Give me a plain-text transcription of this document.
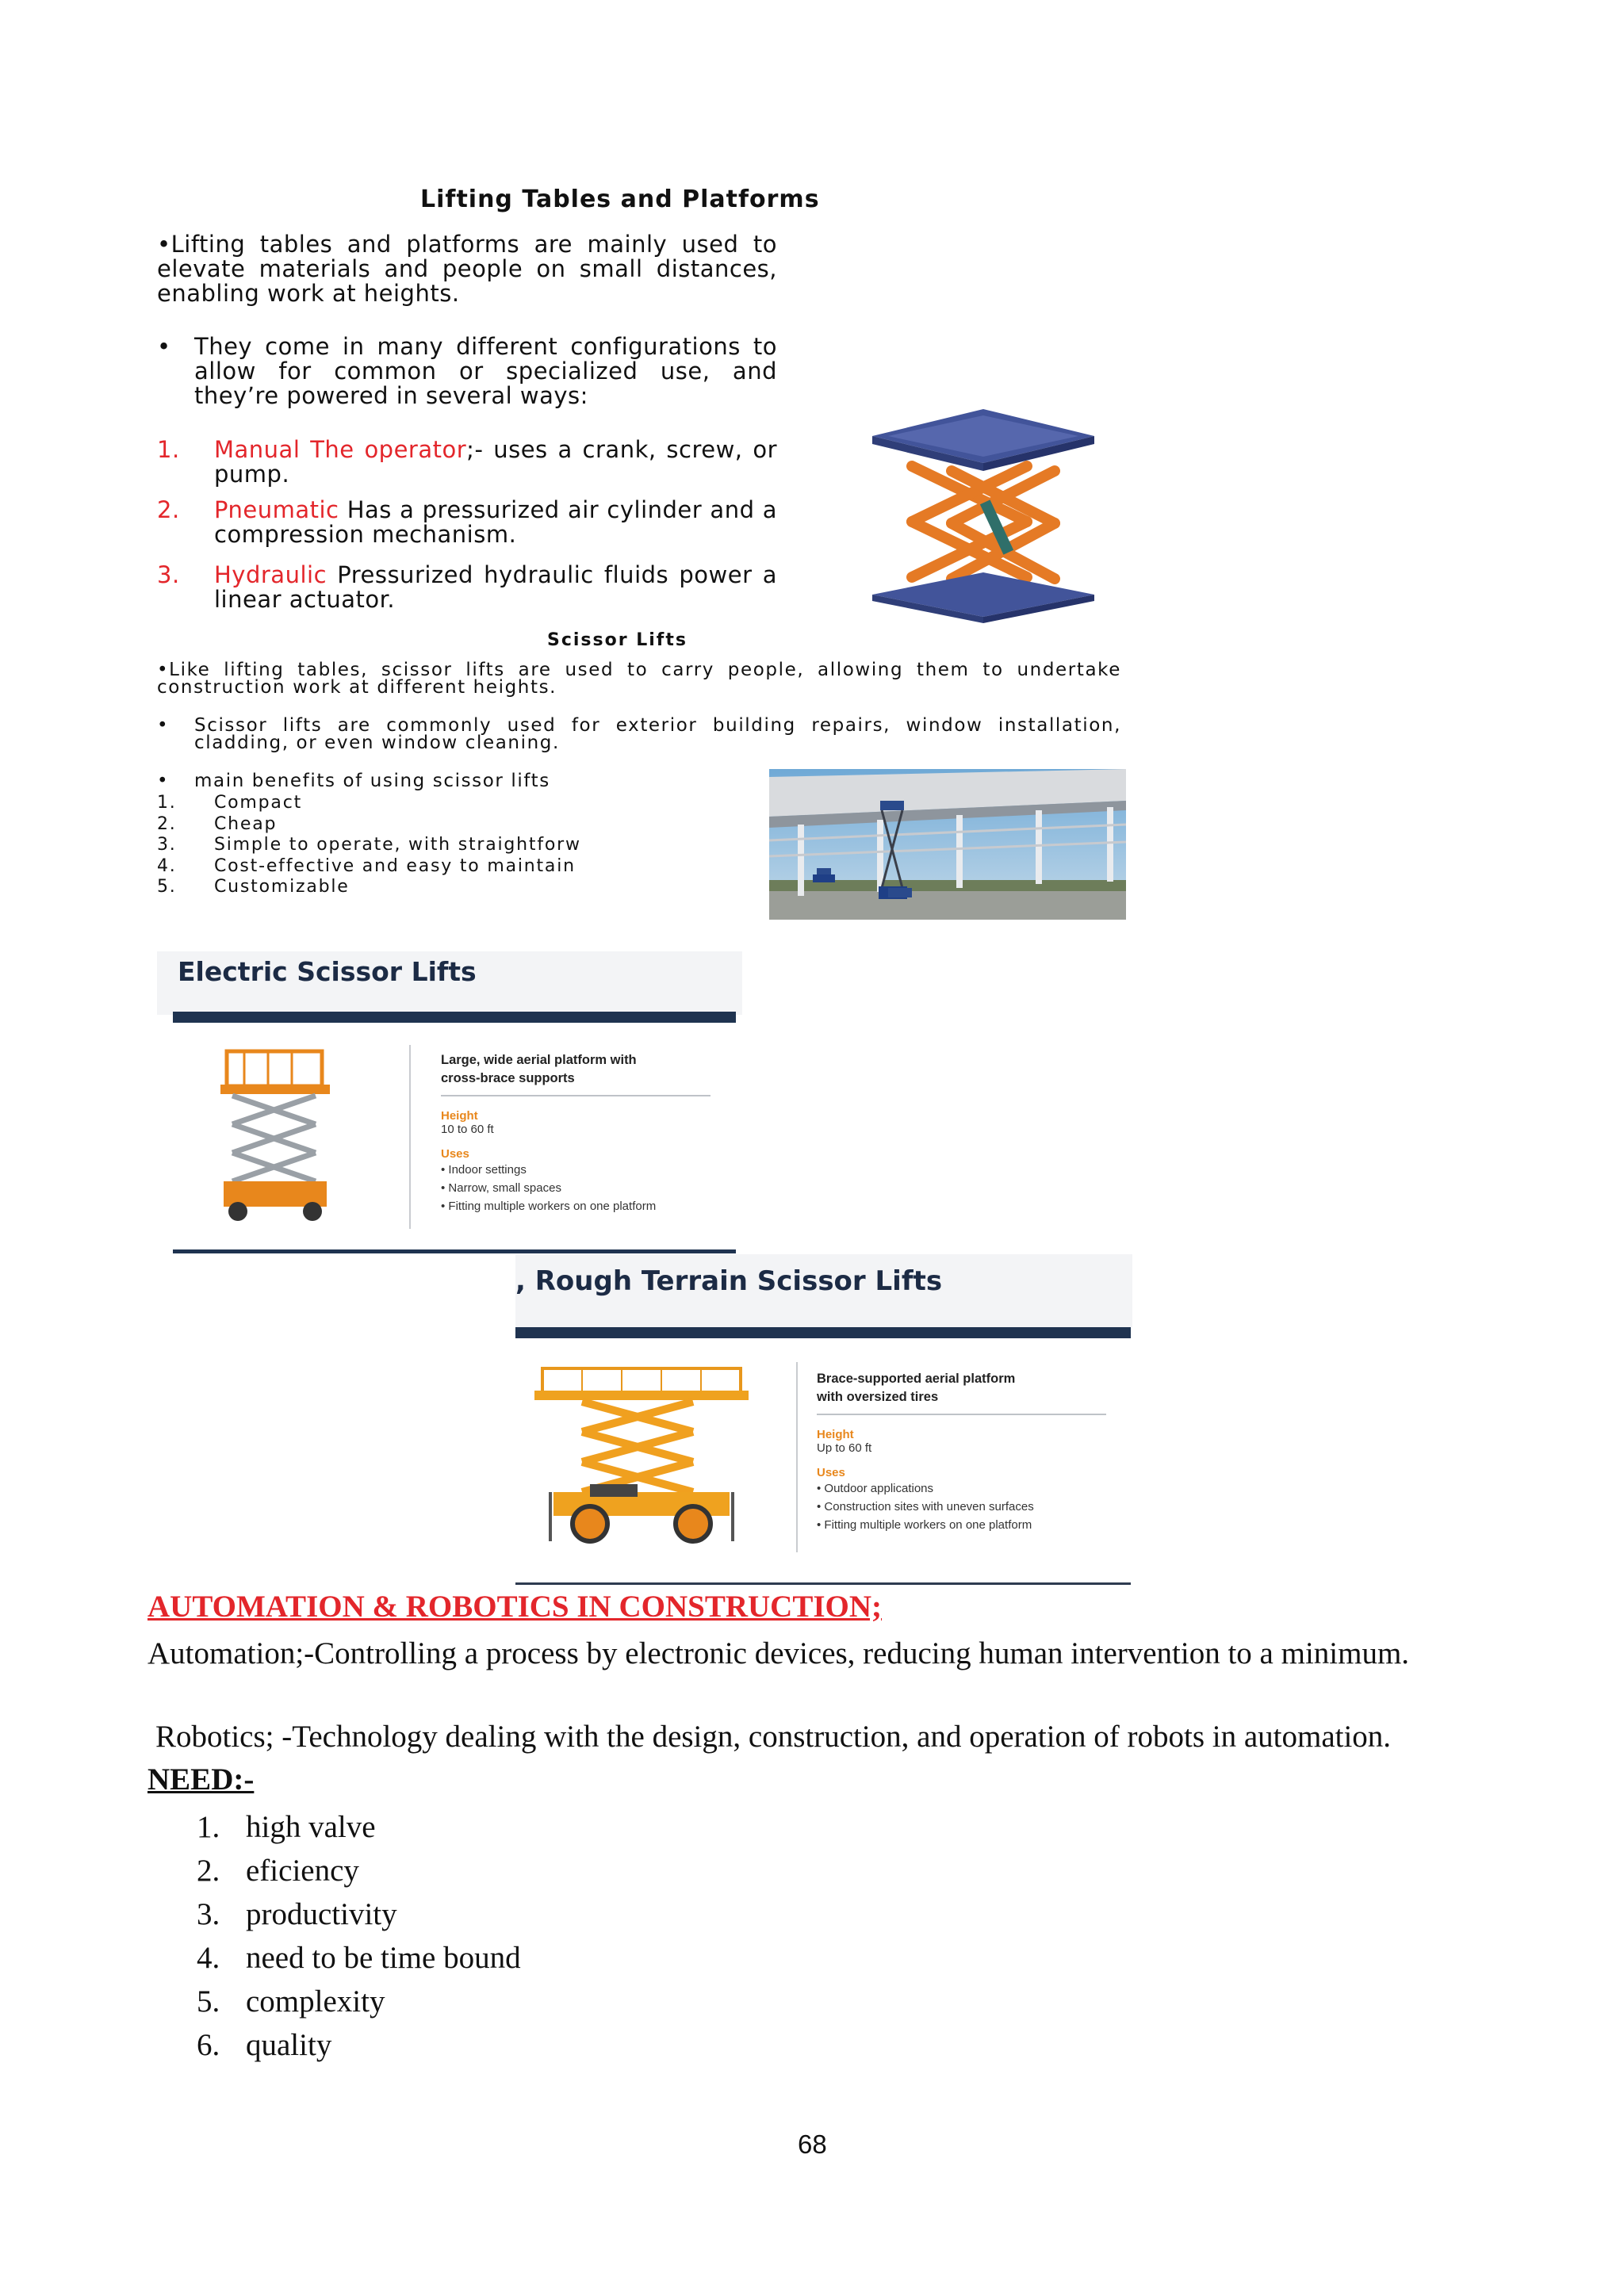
Lifting Tables and Platforms

•Lifting tables and platforms are mainly used to elevate materials and people on small distances, enabling work at heights.

•	They come in many different configurations to allow for common or specialized use, and they’re powered in several ways:

1. Manual The operator;- uses a crank, screw, or pump.
2. Pneumatic Has a pressurized air cylinder and a compression mechanism.
3. Hydraulic Pressurized hydraulic fluids power a linear actuator.
Scissor Lifts

•Like lifting tables, scissor lifts are used to carry people, allowing them to undertake construction work at different heights.

•	Scissor lifts are commonly used for exterior building repairs, window installation, cladding, or even window cleaning.

• main benefits of using scissor lifts
1. Compact
2. Cheap
3. Simple to operate, with straightforw
4. Cost-effective and easy to maintain
5. Customizable
Electric Scissor Lifts
Large, wide aerial platform with
cross-brace supports
Height
10 to 60 ft
Uses
• Indoor settings
• Narrow, small spaces
• Fitting multiple workers on one platform
, Rough Terrain Scissor Lifts
Brace-supported aerial platform
with oversized tires
Height
Up to 60 ft
Uses
• Outdoor applications
• Construction sites with uneven surfaces
• Fitting multiple workers on one platform
AUTOMATION & ROBOTICS IN CONSTRUCTION;
Automation;-Controlling a process by electronic devices, reducing human intervention to a minimum.
Robotics; -Technology dealing with the design, construction, and operation of robots in automation.
NEED:-
1. high valve
2. eficiency
3. productivity
4. need to be time bound
5. complexity
6. quality
68
